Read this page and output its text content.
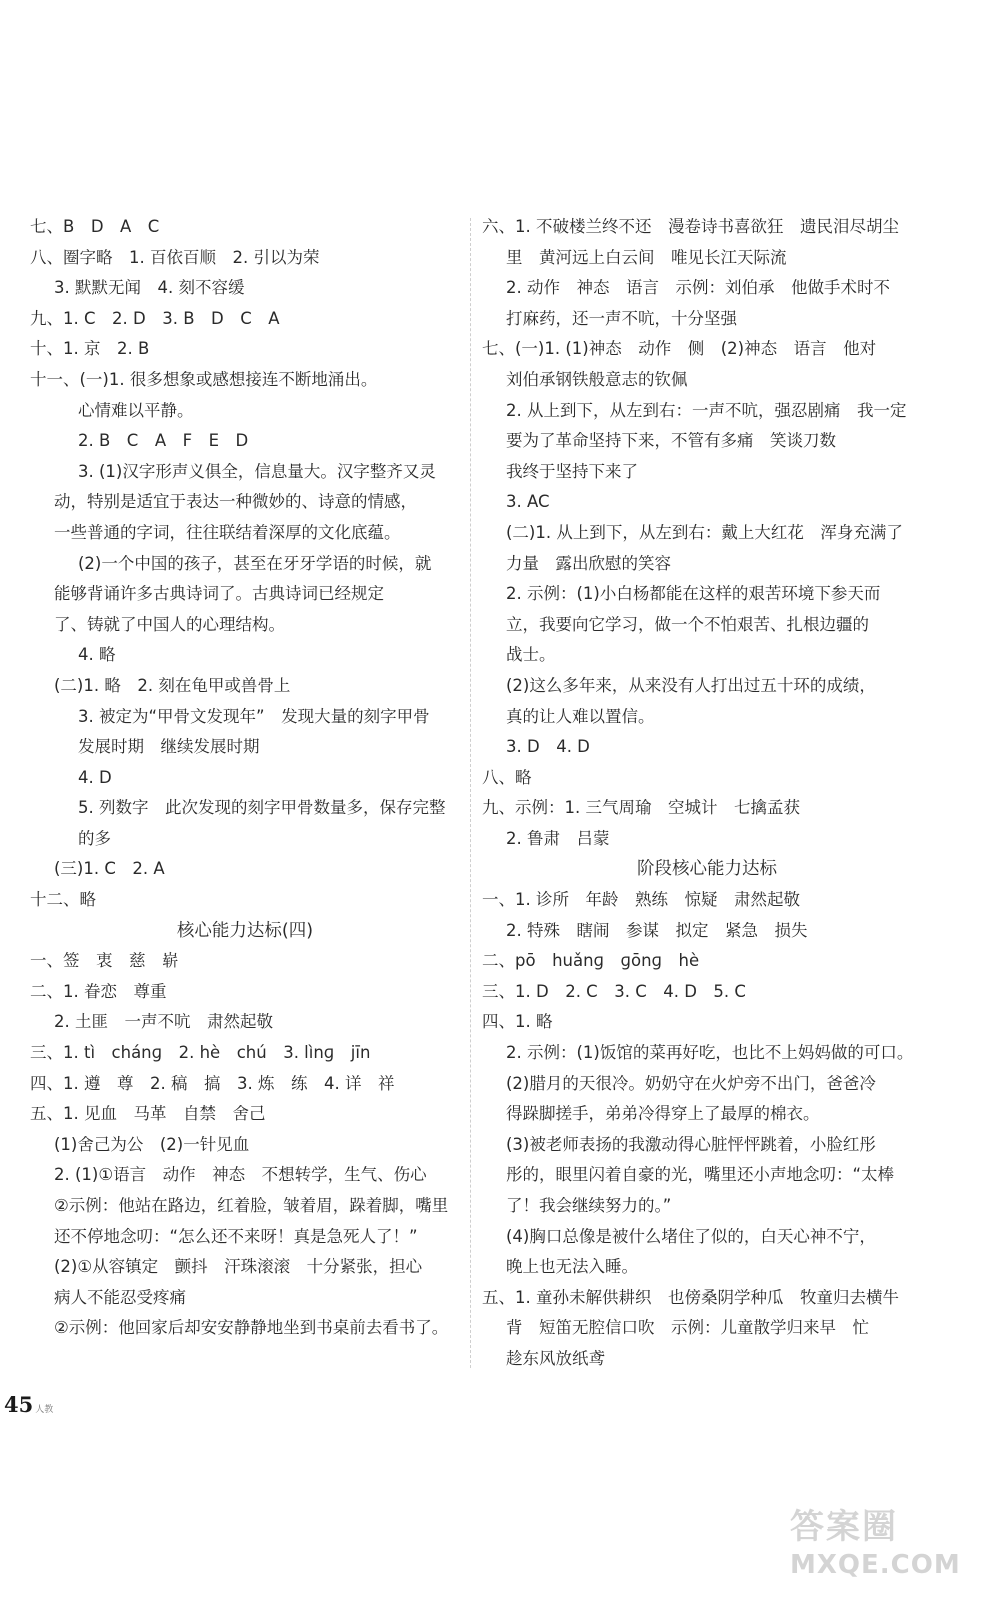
七、B　D　A　C
八、圈字略　1. 百依百顺　2. 引以为荣
3. 默默无闻　4. 刻不容缓
九、1. C　2. D　3. B　D　C　A
十、1. 京　2. B
十一、(一)1. 很多想象或感想接连不断地涌出。
心情难以平静。
2. B　C　A　F　E　D
3. (1)汉字形声义俱全，信息量大。汉字整齐又灵
动，特别是适宜于表达一种微妙的、诗意的情感，
一些普通的字词，往往联结着深厚的文化底蕴。
(2)一个中国的孩子，甚至在牙牙学语的时候，就
能够背诵许多古典诗词了。古典诗词已经规定
了、铸就了中国人的心理结构。
4. 略
(二)1. 略　2. 刻在龟甲或兽骨上
3. 被定为“甲骨文发现年”　发现大量的刻字甲骨
发展时期　继续发展时期
4. D
5. 列数字　此次发现的刻字甲骨数量多，保存完整
的多
(三)1. C　2. A
十二、略
核心能力达标(四)
一、签　衷　慈　崭
二、1. 眷恋　尊重
2. 土匪　一声不吭　肃然起敬
三、1. tì　chánɡ　2. hè　chú　3. lìnɡ　jīn
四、1. 遵　尊　2. 稿　搞　3. 炼　练　4. 详　祥
五、1. 见血　马革　自禁　舍己
(1)舍己为公　(2)一针见血
2. (1)①语言　动作　神态　不想转学，生气、伤心
②示例：他站在路边，红着脸，皱着眉，跺着脚，嘴里
还不停地念叨：“怎么还不来呀！真是急死人了！”
(2)①从容镇定　颤抖　汗珠滚滚　十分紧张，担心
病人不能忍受疼痛
②示例：他回家后却安安静静地坐到书桌前去看书了。
六、1. 不破楼兰终不还　漫卷诗书喜欲狂　遗民泪尽胡尘
里　黄河远上白云间　唯见长江天际流
2. 动作　神态　语言　示例：刘伯承　他做手术时不
打麻药，还一声不吭，十分坚强
七、(一)1. (1)神态　动作　侧　(2)神态　语言　他对
刘伯承钢铁般意志的钦佩
2. 从上到下，从左到右：一声不吭，强忍剧痛　我一定
要为了革命坚持下来，不管有多痛　笑谈刀数
我终于坚持下来了
3. AC
(二)1. 从上到下，从左到右：戴上大红花　浑身充满了
力量　露出欣慰的笑容
2. 示例：(1)小白杨都能在这样的艰苦环境下参天而
立，我要向它学习，做一个不怕艰苦、扎根边疆的
战士。
(2)这么多年来，从来没有人打出过五十环的成绩，
真的让人难以置信。
3. D　4. D
八、略
九、示例：1. 三气周瑜　空城计　七擒孟获
2. 鲁肃　吕蒙
阶段核心能力达标
一、1. 诊所　年龄　熟练　惊疑　肃然起敬
2. 特殊　瞎闹　参谋　拟定　紧急　损失
二、pō　huǎnɡ　ɡōnɡ　hè
三、1. D　2. C　3. C　4. D　5. C
四、1. 略
2. 示例：(1)饭馆的菜再好吃，也比不上妈妈做的可口。
(2)腊月的天很冷。奶奶守在火炉旁不出门，爸爸冷
得跺脚搓手，弟弟冷得穿上了最厚的棉衣。
(3)被老师表扬的我激动得心脏怦怦跳着，小脸红彤
彤的，眼里闪着自豪的光，嘴里还小声地念叨：“太棒
了！我会继续努力的。”
(4)胸口总像是被什么堵住了似的，白天心神不宁，
晚上也无法入睡。
五、1. 童孙未解供耕织　也傍桑阴学种瓜　牧童归去横牛
背　短笛无腔信口吹　示例：儿童散学归来早　忙
趁东风放纸鸢
45 人教
答案圈
MXQE.COM
